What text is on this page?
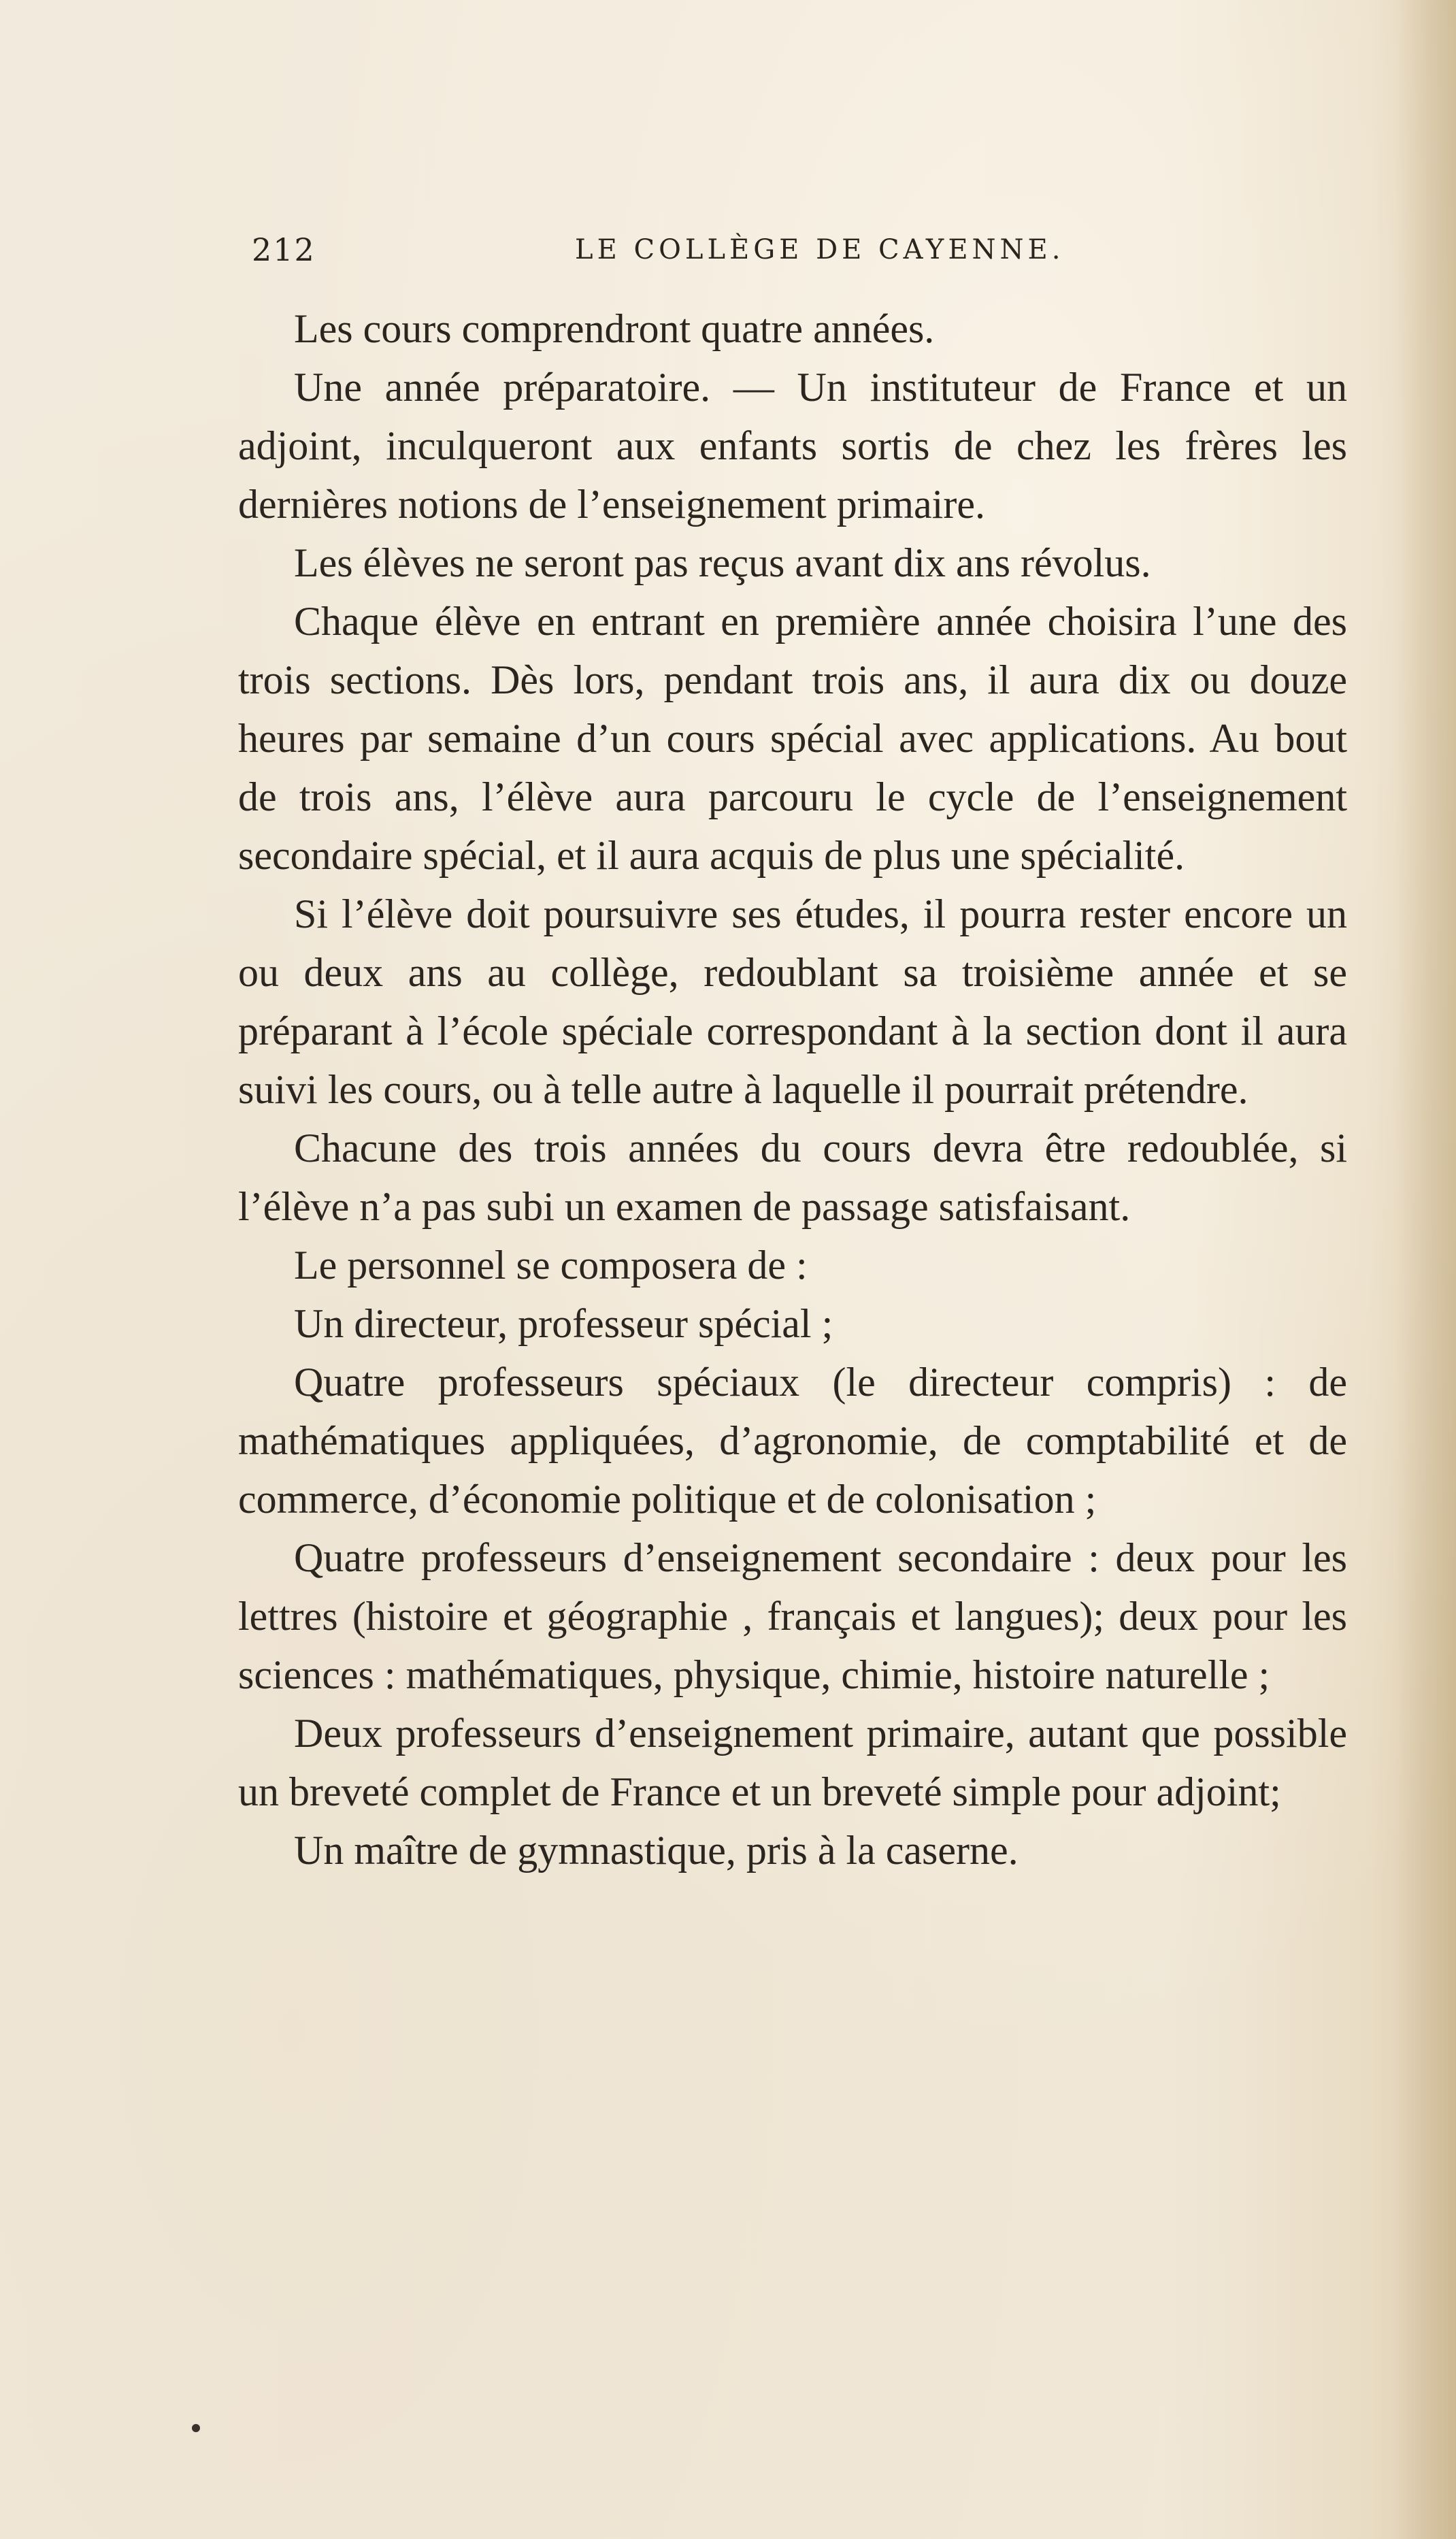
212	LE COLLÈGE DE CAYENNE.

Les cours comprendront quatre années.

Une année préparatoire. — Un instituteur de France et un adjoint, inculqueront aux enfants sortis de chez les frères les dernières notions de l’enseignement primaire.

Les élèves ne seront pas reçus avant dix ans révolus.

Chaque élève en entrant en première année choisira l’une des trois sections. Dès lors, pendant trois ans, il aura dix ou douze heures par semaine d’un cours spécial avec applications. Au bout de trois ans, l’élève aura parcouru le cycle de l’enseignement secondaire spécial, et il aura acquis de plus une spécialité.

Si l’élève doit poursuivre ses études, il pourra rester encore un ou deux ans au collège, redoublant sa troisième année et se préparant à l’école spéciale correspondant à la section dont il aura suivi les cours, ou à telle autre à laquelle il pourrait prétendre.

Chacune des trois années du cours devra être redoublée, si l’élève n’a pas subi un examen de passage satisfaisant.

Le personnel se composera de :

Un directeur, professeur spécial ;

Quatre professeurs spéciaux (le directeur compris) : de mathématiques appliquées, d’agronomie, de comptabilité et de commerce, d’économie politique et de colonisation ;

Quatre professeurs d’enseignement secondaire : deux pour les lettres (histoire et géographie , français et langues); deux pour les sciences : mathématiques, physique, chimie, histoire naturelle ;

Deux professeurs d’enseignement primaire, autant que possible un breveté complet de France et un breveté simple pour adjoint;

Un maître de gymnastique, pris à la caserne.
